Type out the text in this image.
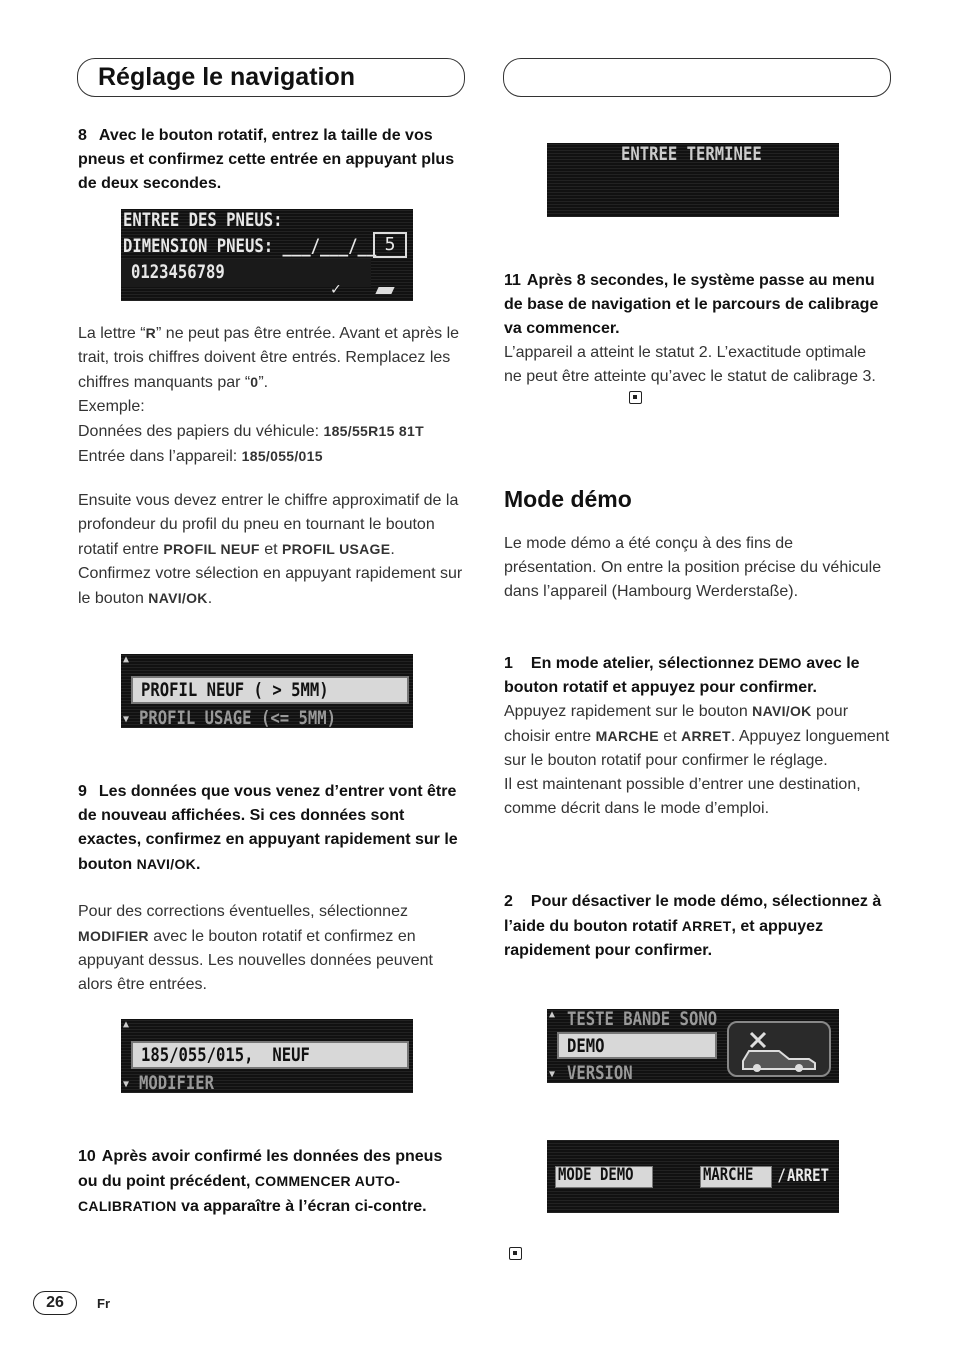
Réglage le navigation
8 Avec le bouton rotatif, entrez la taille de vos pneus et confirmez cette entrée en appuyant plus de deux secondes.
ENTREE DES PNEUS:
DIMENSION PNEUS: ___/___/__ 5
0123456789
✓

La lettre “R” ne peut pas être entrée. Avant et après le trait, trois chiffres doivent être entrés. Remplacez les chiffres manquants par “0”.

Exemple:

Données des papiers du véhicule: 185/55R15 81T

Entrée dans l’appareil: 185/055/015

Ensuite vous devez entrer le chiffre approximatif de la profondeur du profil du pneu en tournant le bouton rotatif entre PROFIL NEUF et PROFIL USAGE.

Confirmez votre sélection en appuyant rapidement sur le bouton NAVI/OK.

▲
PROFIL NEUF ( > 5MM)
▼ PROFIL USAGE (<= 5MM)
9 Les données que vous venez d’entrer vont être de nouveau affichées. Si ces données sont exactes, confirmez en appuyant rapidement sur le bouton NAVI/OK.
Pour des corrections éventuelles, sélectionnez MODIFIER avec le bouton rotatif et confirmez en appuyant dessus. Les nouvelles données peuvent alors être entrées.
▲
185/055/015,  NEUF
▼ MODIFIER
10 Après avoir confirmé les données des pneus ou du point précédent, COMMENCER AUTO-CALIBRATION va apparaître à l’écran ci-contre.
ENTREE TERMINEE
11 Après 8 secondes, le système passe au menu de base de navigation et le parcours de calibrage va commencer.
L’appareil a atteint le statut 2. L’exactitude optimale ne peut être atteinte qu’avec le statut de calibrage 3.
Mode démo
Le mode démo a été conçu à des fins de présentation. On entre la position précise du véhicule dans l’appareil (Hambourg Werderstaße).
1 En mode atelier, sélectionnez DEMO avec le bouton rotatif et appuyez pour confirmer.

Appuyez rapidement sur le bouton NAVI/OK pour choisir entre MARCHE et ARRET. Appuyez longuement sur le bouton rotatif pour confirmer le réglage.

Il est maintenant possible d’entrer une destination, comme décrit dans le mode d’emploi.

2 Pour désactiver le mode démo, sélectionnez à l’aide du bouton rotatif ARRET, et appuyez rapidement pour confirmer.
▲ TESTE BANDE SONO
DEMO
▼ VERSION
MODE DEMO	MARCHE /
ARRET
26	Fr
